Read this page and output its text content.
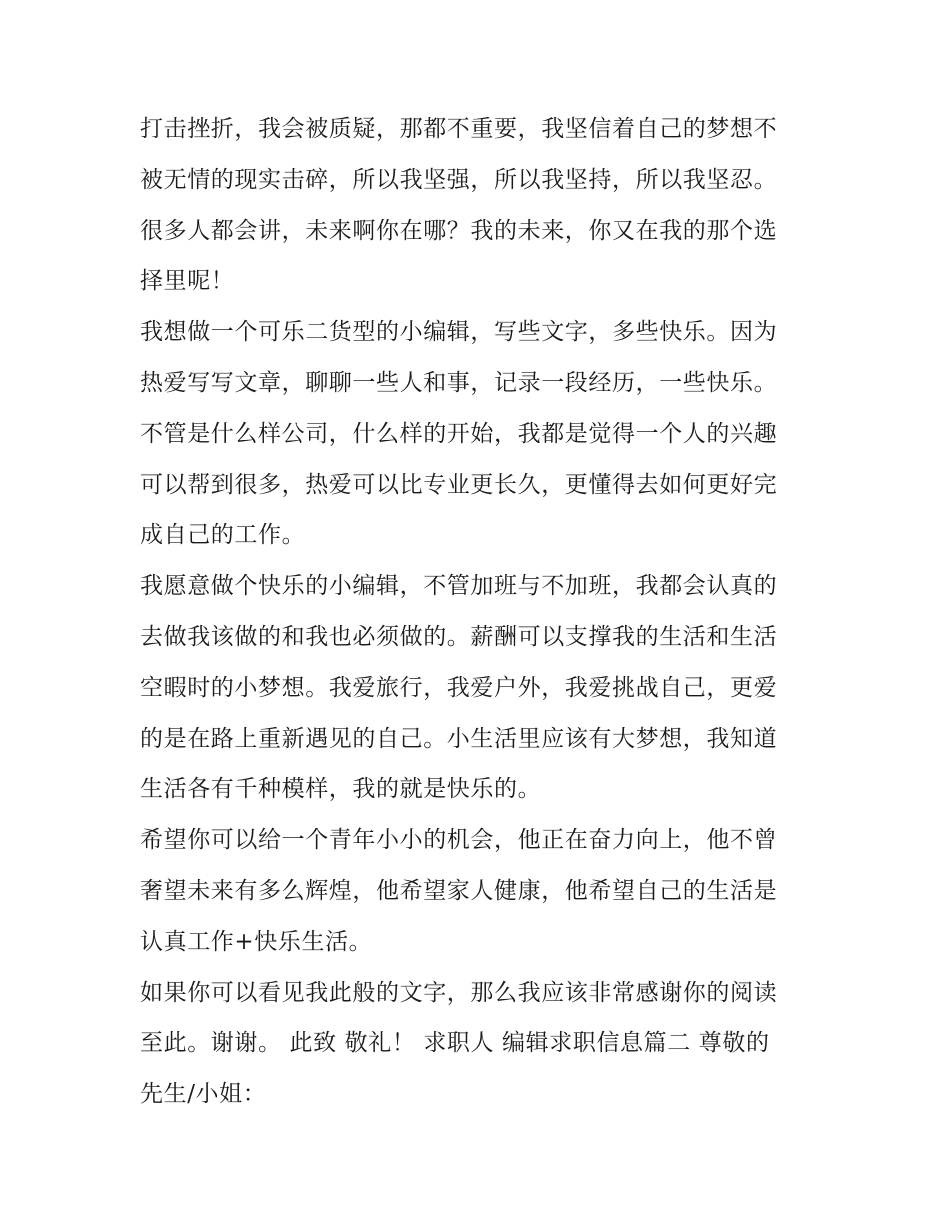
打击挫折，我会被质疑，那都不重要，我坚信着自己的梦想不
被无情的现实击碎，所以我坚强，所以我坚持，所以我坚忍。
很多人都会讲，未来啊你在哪？我的未来，你又在我的那个选
择里呢！
我想做一个可乐二货型的小编辑，写些文字，多些快乐。因为
热爱写写文章，聊聊一些人和事，记录一段经历，一些快乐。
不管是什么样公司，什么样的开始，我都是觉得一个人的兴趣
可以帮到很多，热爱可以比专业更长久，更懂得去如何更好完
成自己的工作。
我愿意做个快乐的小编辑，不管加班与不加班，我都会认真的
去做我该做的和我也必须做的。薪酬可以支撑我的生活和生活
空暇时的小梦想。我爱旅行，我爱户外，我爱挑战自己，更爱
的是在路上重新遇见的自己。小生活里应该有大梦想，我知道
生活各有千种模样，我的就是快乐的。
希望你可以给一个青年小小的机会，他正在奋力向上，他不曾
奢望未来有多么辉煌，他希望家人健康，他希望自己的生活是
认真工作+快乐生活。
如果你可以看见我此般的文字，那么我应该非常感谢你的阅读
至此。谢谢。 此致 敬礼！ 求职人 编辑求职信息篇二 尊敬的
先生/小姐：
